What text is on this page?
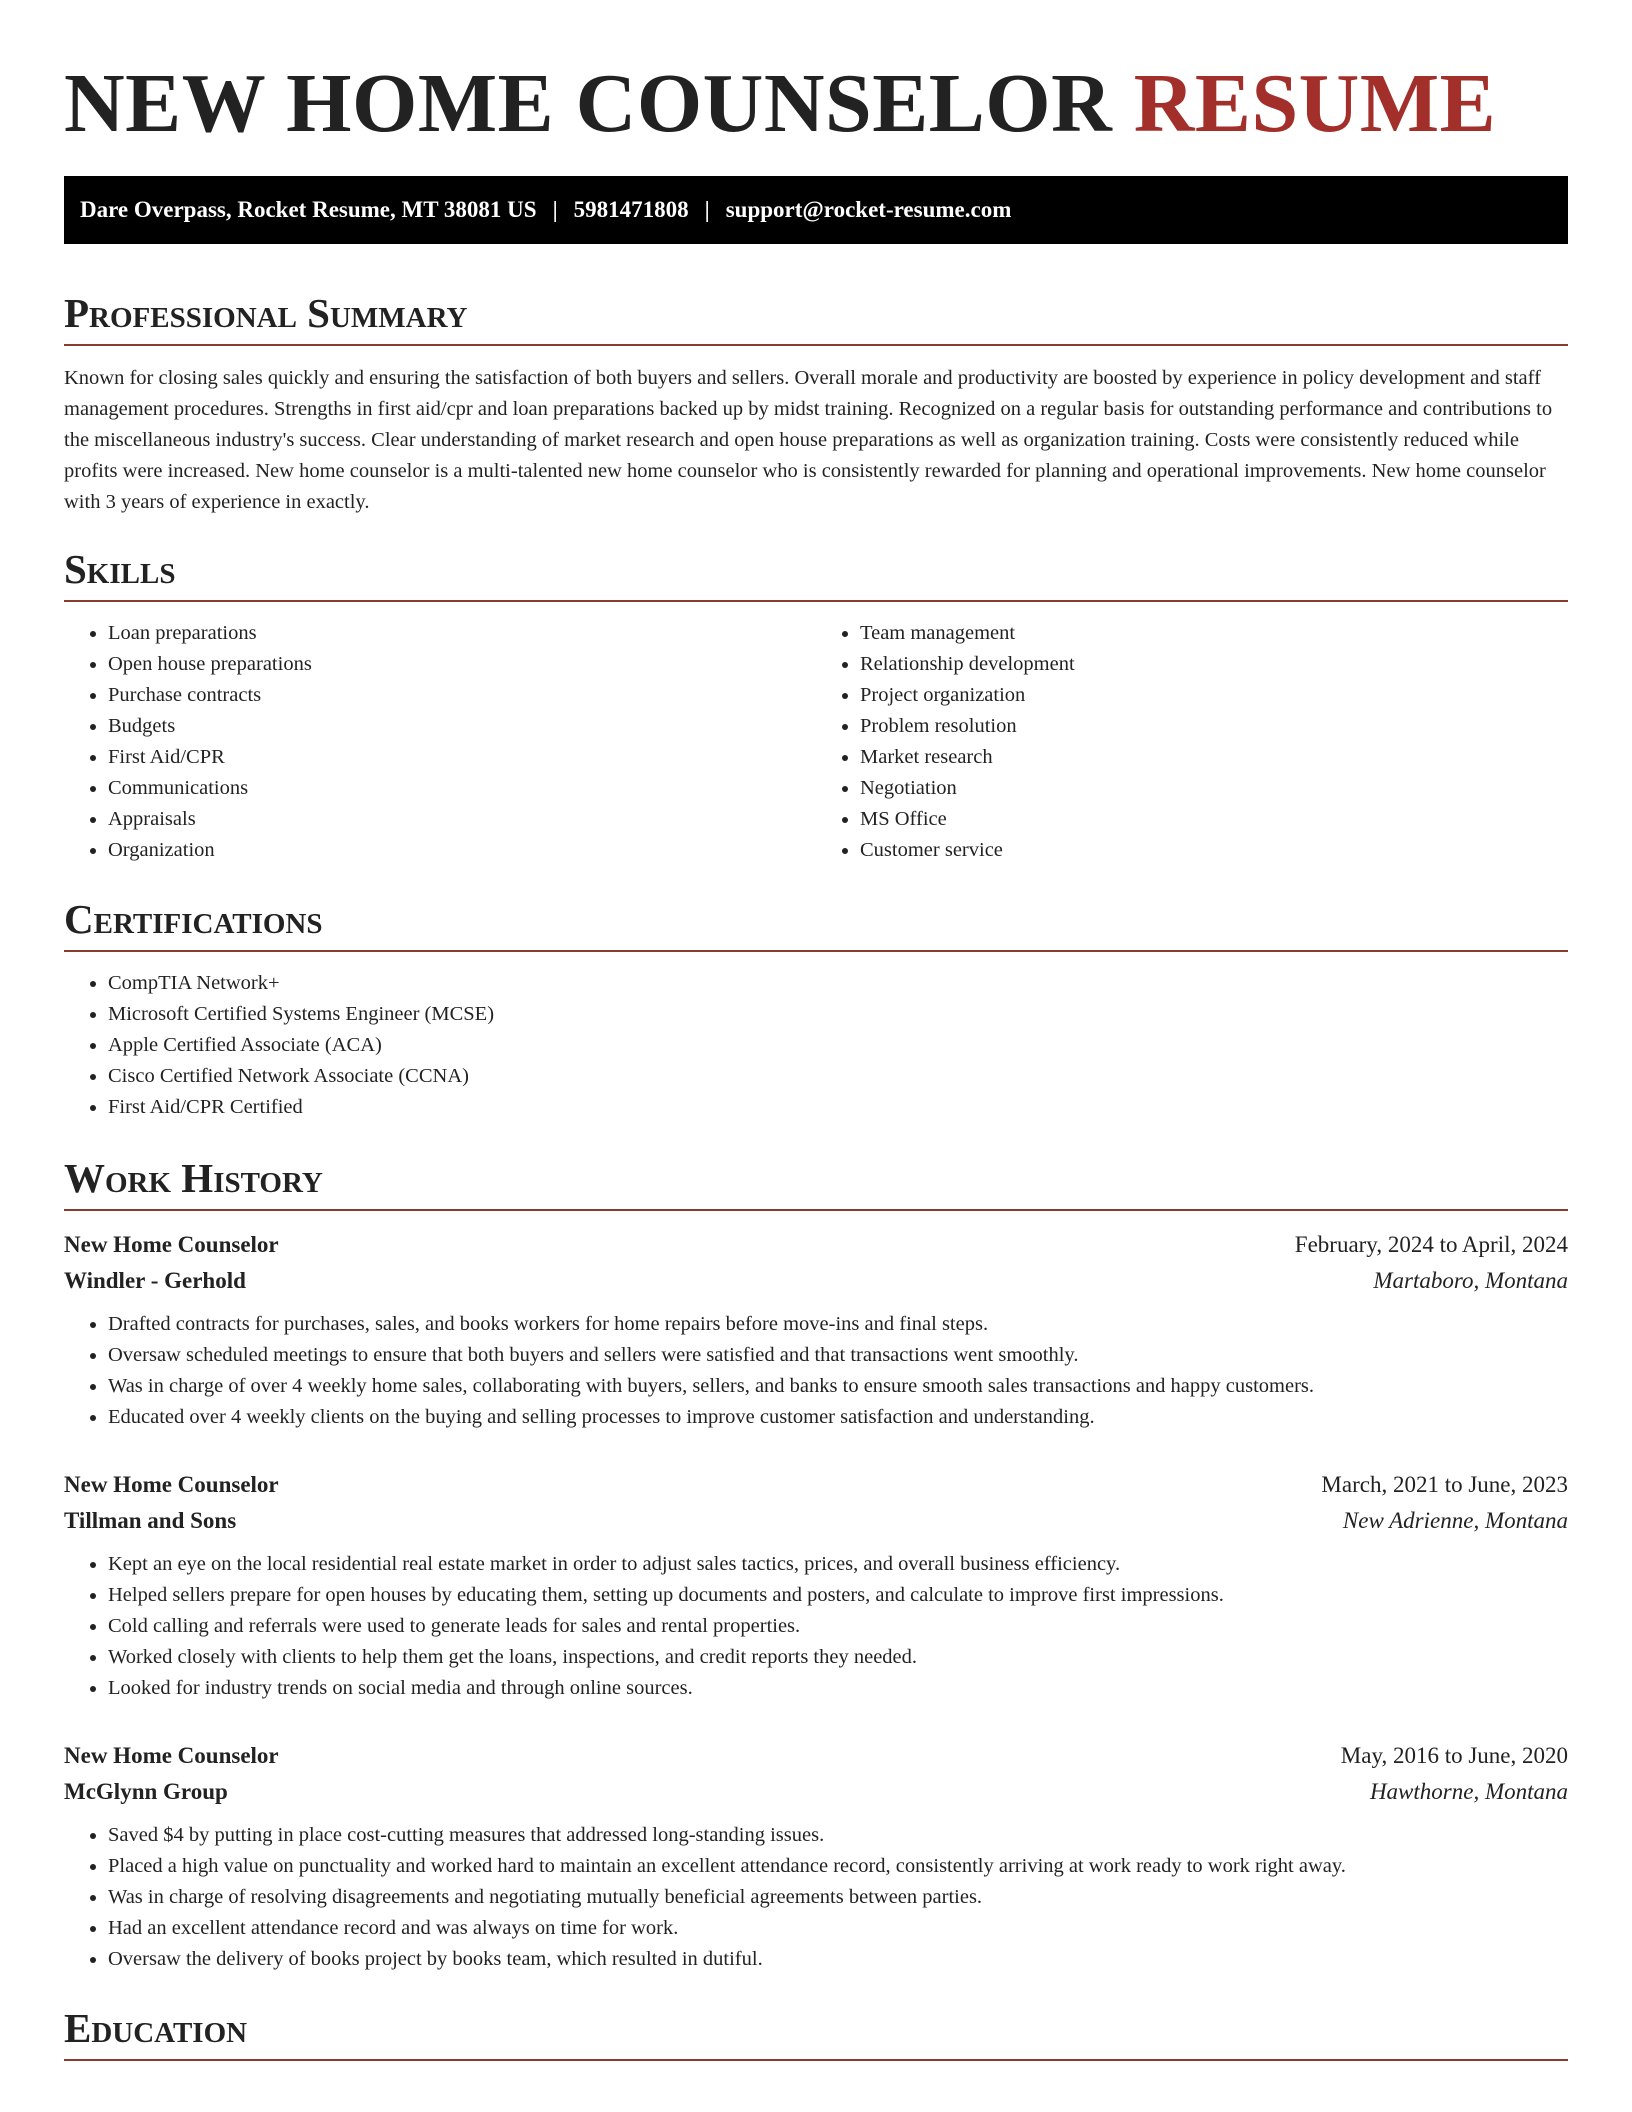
NEW HOME COUNSELOR RESUME
Dare Overpass, Rocket Resume, MT 38081 US | 5981471808 | support@rocket-resume.com
Professional Summary

Known for closing sales quickly and ensuring the satisfaction of both buyers and sellers. Overall morale and productivity are boosted by experience in policy development and staff management procedures. Strengths in first aid/cpr and loan preparations backed up by midst training. Recognized on a regular basis for outstanding performance and contributions to the miscellaneous industry's success. Clear understanding of market research and open house preparations as well as organization training. Costs were consistently reduced while profits were increased. New home counselor is a multi-talented new home counselor who is consistently rewarded for planning and operational improvements. New home counselor with 3 years of experience in exactly.

Skills
• Loan preparations
• Open house preparations
• Purchase contracts
• Budgets
• First Aid/CPR
• Communications
• Appraisals
• Organization
• Team management
• Relationship development
• Project organization
• Problem resolution
• Market research
• Negotiation
• MS Office
• Customer service
Certifications
• CompTIA Network+
• Microsoft Certified Systems Engineer (MCSE)
• Apple Certified Associate (ACA)
• Cisco Certified Network Associate (CCNA)
• First Aid/CPR Certified
Work History
New Home Counselor	February, 2024 to April, 2024
Windler - Gerhold	Martaboro, Montana
• Drafted contracts for purchases, sales, and books workers for home repairs before move-ins and final steps.
• Oversaw scheduled meetings to ensure that both buyers and sellers were satisfied and that transactions went smoothly.
• Was in charge of over 4 weekly home sales, collaborating with buyers, sellers, and banks to ensure smooth sales transactions and happy customers.
• Educated over 4 weekly clients on the buying and selling processes to improve customer satisfaction and understanding.
New Home Counselor	March, 2021 to June, 2023
Tillman and Sons	New Adrienne, Montana
• Kept an eye on the local residential real estate market in order to adjust sales tactics, prices, and overall business efficiency.
• Helped sellers prepare for open houses by educating them, setting up documents and posters, and calculate to improve first impressions.
• Cold calling and referrals were used to generate leads for sales and rental properties.
• Worked closely with clients to help them get the loans, inspections, and credit reports they needed.
• Looked for industry trends on social media and through online sources.
New Home Counselor	May, 2016 to June, 2020
McGlynn Group	Hawthorne, Montana
• Saved $4 by putting in place cost-cutting measures that addressed long-standing issues.
• Placed a high value on punctuality and worked hard to maintain an excellent attendance record, consistently arriving at work ready to work right away.
• Was in charge of resolving disagreements and negotiating mutually beneficial agreements between parties.
• Had an excellent attendance record and was always on time for work.
• Oversaw the delivery of books project by books team, which resulted in dutiful.
Education
